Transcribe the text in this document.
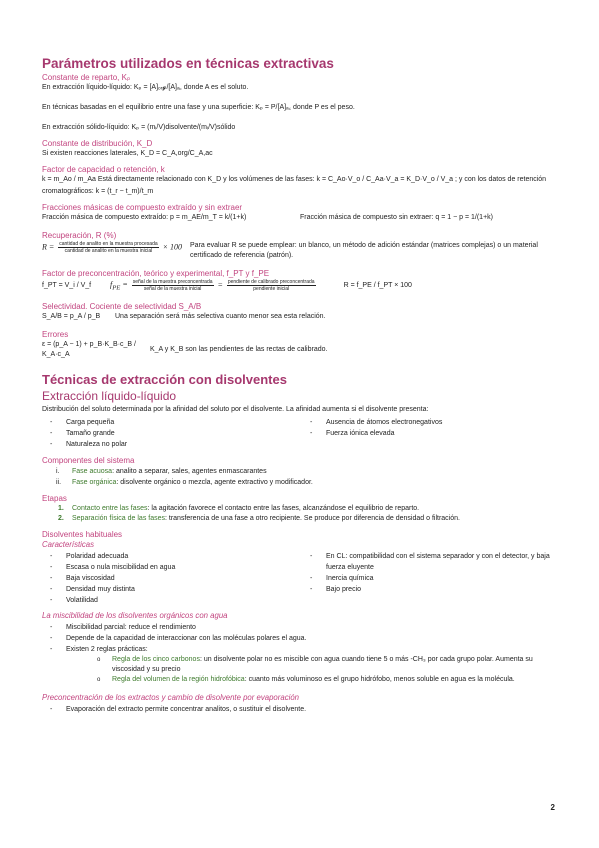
Parámetros utilizados en técnicas extractivas
Constante de reparto, Kₚ
En extracción líquido-líquido: Kₚ = [A]ₒᵣ𝓰/[A]ₐ꜀ donde A es el soluto.
En técnicas basadas en el equilibrio entre una fase y una superficie: Kₚ = P/[A]ₐ꜀ donde P es el peso.
En extracción sólido-líquido: Kₚ = (mᵢ/V)disolvente/(mᵢ/V)sólido
Constante de distribución, K_D
Si existen reacciones laterales, K_D = C_A,org/C_A,ac
Factor de capacidad o retención, k
k = m_Ao / m_Aa Está directamente relacionado con K_D y los volúmenes de las fases: k = C_Ao·V_o / C_Aa·V_a = K_D·V_o / V_a ; y con los datos de retención
cromatográficos: k = (t_r − t_m)/t_m
Fracciones másicas de compuesto extraído y sin extraer
Fracción másica de compuesto extraído: p = m_AE/m_T = k/(1+k)	Fracción másica de compuesto sin extraer: q = 1 − p = 1/(1+k)
Recuperación, R (%)
$R = \frac{\text{cantidad de analito en la muestra procesada}}{\text{cantidad de analito en la muestra inicial}} \times 100$ Para evaluar R se puede emplear: un blanco, un método de adición estándar (matrices complejas) o un material certificado de referencia (patrón).
Factor de preconcentración, teórico y experimental, f_PT y f_PE
f_PT = V_i / V_f	$f_{PE} = \frac{\text{señal de la muestra preconcentrada}}{\text{señal de la muestra inicial}} = \frac{\text{pendiente de calibrado preconcentrada}}{\text{pendiente inicial}}$	R = f_PE / f_PT × 100
Selectividad. Cociente de selectividad S_A/B
S_A/B = p_A / p_B	Una separación será más selectiva cuanto menor sea esta relación.
Errores
ε = (p_A − 1) + p_B·K_B·c_B / K_A·c_A
K_A y K_B son las pendientes de las rectas de calibrado.
Técnicas de extracción con disolventes
Extracción líquido-líquido
Distribución del soluto determinada por la afinidad del soluto por el disolvente. La afinidad aumenta si el disolvente presenta:
- Carga pequeña
- Tamaño grande
- Naturaleza no polar
- Ausencia de átomos electronegativos
- Fuerza iónica elevada
Componentes del sistema
i. Fase acuosa: analito a separar, sales, agentes enmascarantes
ii. Fase orgánica: disolvente orgánico o mezcla, agente extractivo y modificador.
Etapas
1. Contacto entre las fases: la agitación favorece el contacto entre las fases, alcanzándose el equilibrio de reparto.
2. Separación física de las fases: transferencia de una fase a otro recipiente. Se produce por diferencia de densidad o filtración.
Disolventes habituales
Características
- Polaridad adecuada
- Escasa o nula miscibilidad en agua
- Baja viscosidad
- Densidad muy distinta
- Volatilidad
- En CL: compatibilidad con el sistema separador y con el detector, y baja fuerza eluyente
- Inercia química
- Bajo precio
La miscibilidad de los disolventes orgánicos con agua
- Miscibilidad parcial: reduce el rendimiento
- Depende de la capacidad de interaccionar con las moléculas polares el agua.
- Existen 2 reglas prácticas:
o Regla de los cinco carbonos: un disolvente polar no es miscible con agua cuando tiene 5 o más -CH₃ por cada grupo polar. Aumenta su viscosidad y su precio
o Regla del volumen de la región hidrofóbica: cuanto más voluminoso es el grupo hidrófobo, menos soluble en agua es la molécula.
Preconcentración de los extractos y cambio de disolvente por evaporación
- Evaporación del extracto permite concentrar analitos, o sustituir el disolvente.
2
